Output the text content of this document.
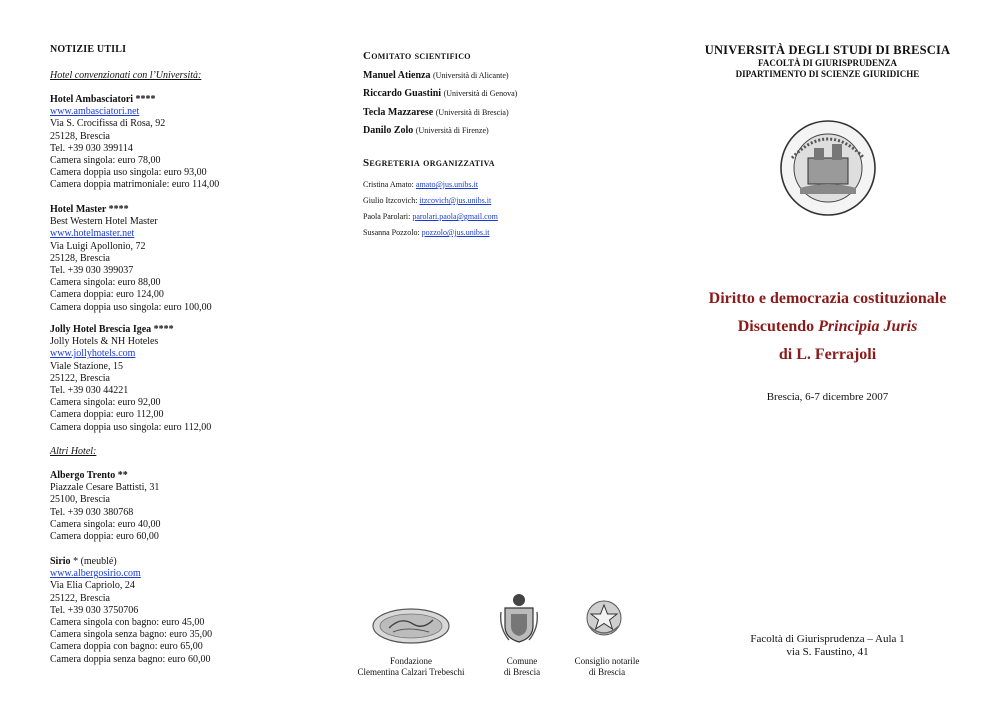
NOTIZIE UTILI
Hotel convenzionati con l’Università:
Hotel Ambasciatori ****
www.ambasciatori.net
Via S. Crocifissa di Rosa, 92
25128, Brescia
Tel. +39 030 399114
Camera singola: euro 78,00
Camera doppia uso singola: euro 93,00
Camera doppia matrimoniale: euro 114,00
Hotel Master ****
Best Western Hotel Master
www.hotelmaster.net
Via Luigi Apollonio, 72
25128, Brescia
Tel. +39 030 399037
Camera singola: euro 88,00
Camera doppia: euro 124,00
Camera doppia uso singola: euro 100,00
Jolly Hotel Brescia Igea ****
Jolly Hotels & NH Hoteles
www.jollyhotels.com
Viale Stazione, 15
25122, Brescia
Tel. +39 030 44221
Camera singola: euro 92,00
Camera doppia: euro 112,00
Camera doppia uso singola: euro 112,00
Altri Hotel:
Albergo Trento **
Piazzale Cesare Battisti, 31
25100, Brescia
Tel. +39 030 380768
Camera singola: euro 40,00
Camera doppia: euro 60,00
Sirio * (meublé)
www.albergosirio.com
Via Elia Capriolo, 24
25122, Brescia
Tel. +39 030 3750706
Camera singola con bagno: euro 45,00
Camera singola senza bagno: euro 35,00
Camera doppia con bagno: euro 65,00
Camera doppia senza bagno: euro 60,00
Comitato scientifico
Manuel Atienza (Università di Alicante)
Riccardo Guastini (Università di Genova)
Tecla Mazzarese (Università di Brescia)
Danilo Zolo (Università di Firenze)
Segreteria organizzativa
Cristina Amato: amato@jus.unibs.it
Giulio Itzcovich: itzcovich@jus.unibs.it
Paola Parolari: parolari.paola@gmail.com
Susanna Pozzolo: pozzolo@jus.unibs.it
Fondazione
Clementina Calzari Trebeschi
Comune
di Brescia
Consiglio notarile
di Brescia
UNIVERSITÀ DEGLI STUDI DI BRESCIA
FACOLTÀ DI GIURISPRUDENZA
DIPARTIMENTO DI SCIENZE GIURIDICHE
Diritto e democrazia costituzionale
Discutendo Principia Juris
di L. Ferrajoli
Brescia, 6-7 dicembre 2007
Facoltà di Giurisprudenza – Aula 1
via S. Faustino, 41
